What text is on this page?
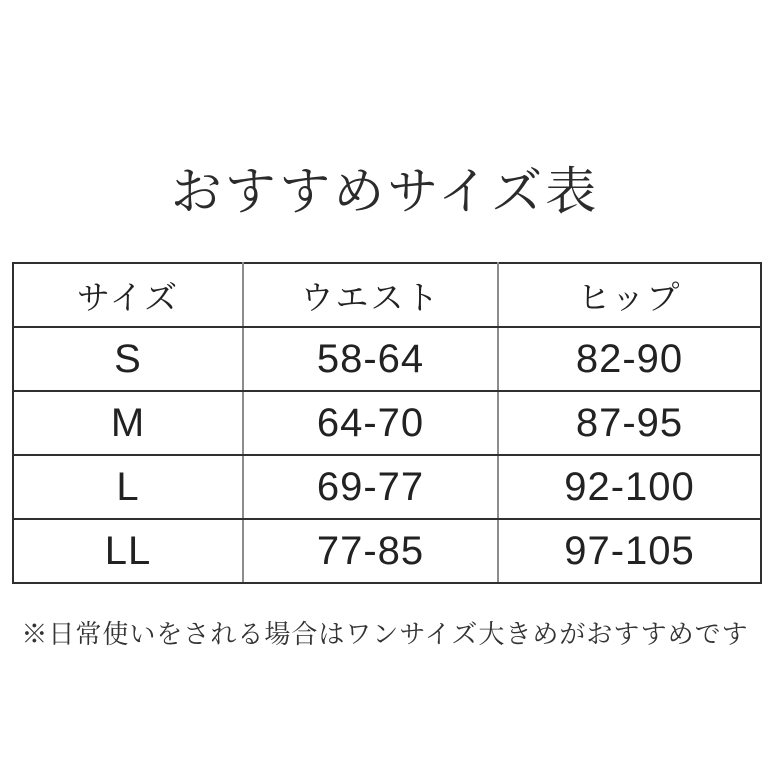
おすすめサイズ表
サイズ	ウエスト	ヒップ
S	58-64	82-90
M	64-70	87-95
L	69-77	92-100
LL	77-85	97-105
※日常使いをされる場合はワンサイズ大きめがおすすめです
